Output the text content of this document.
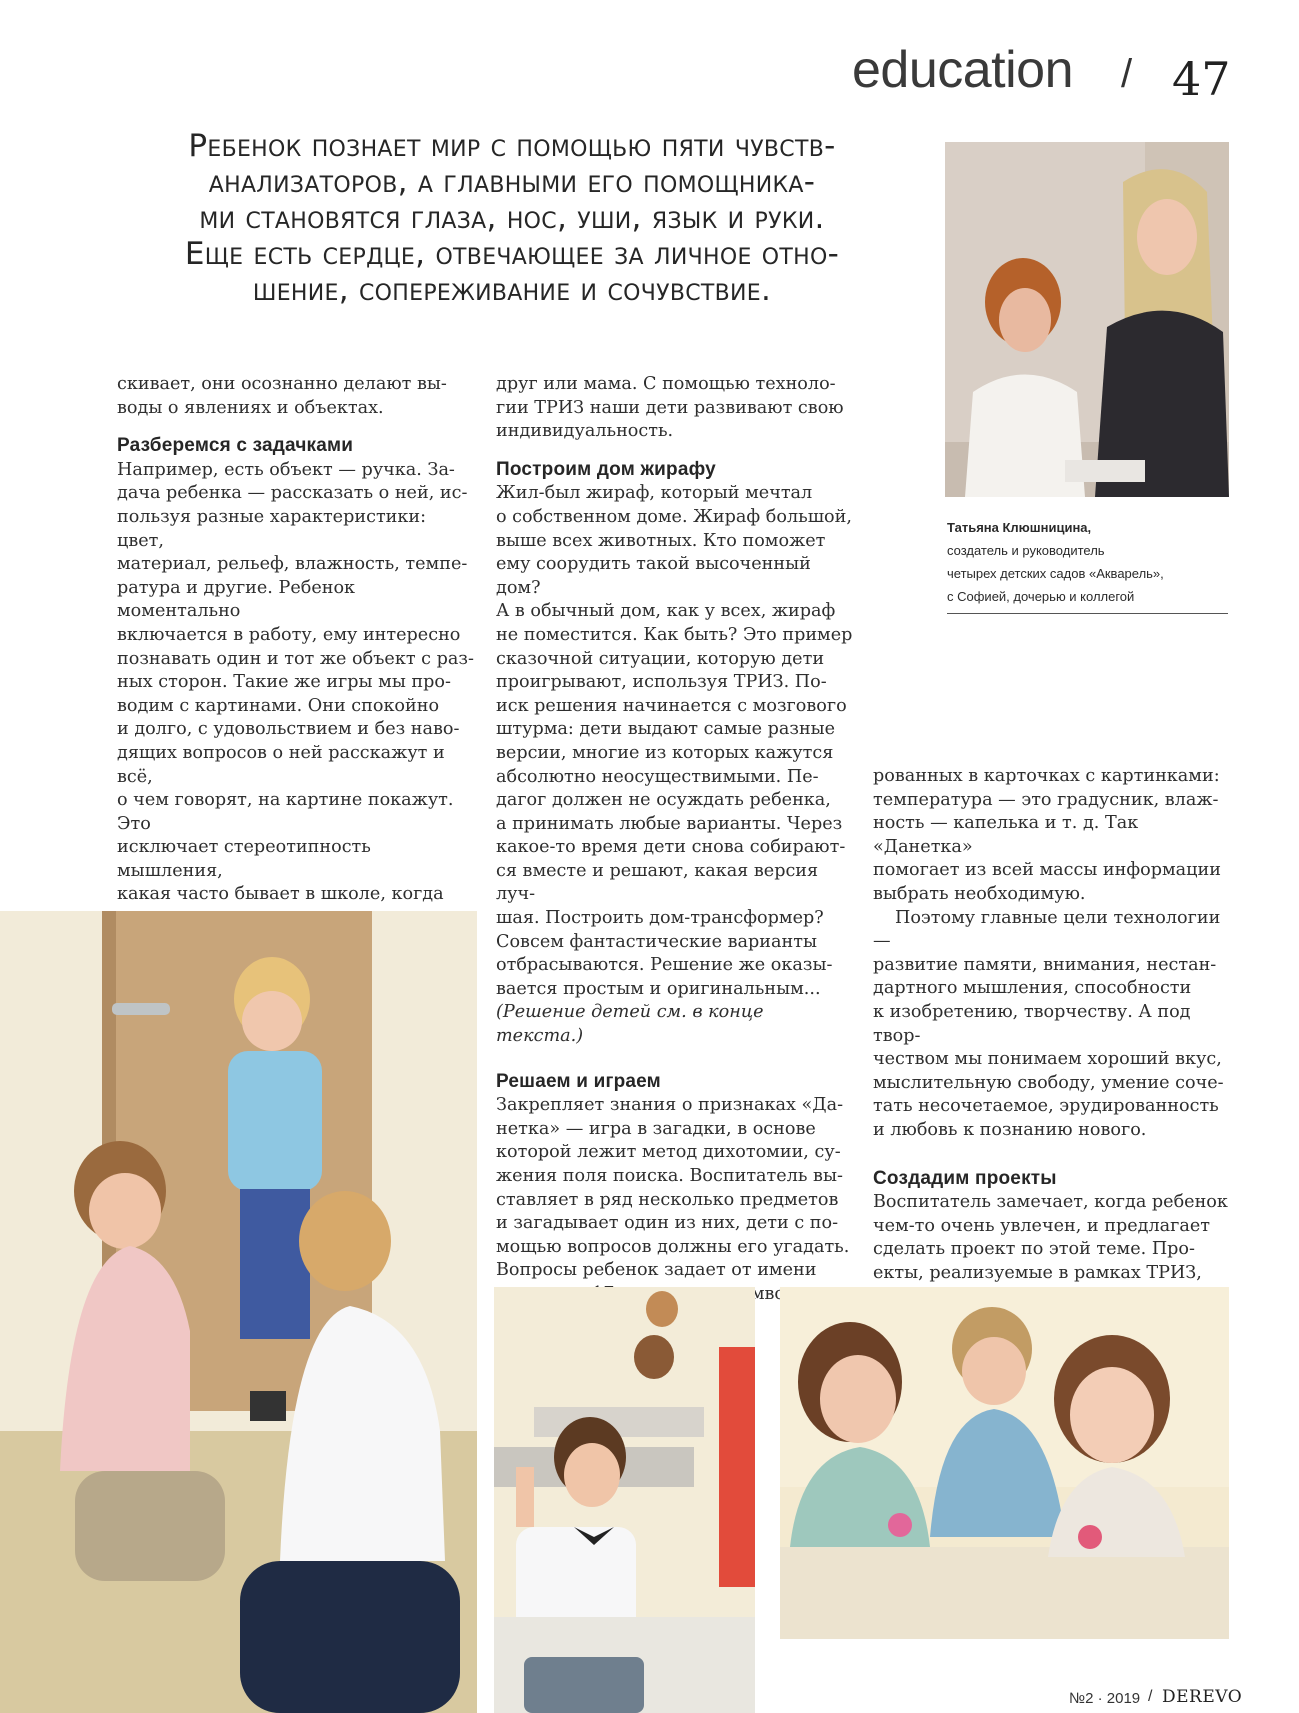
education / 47
Ребенок познает мир с помощью пяти чувств-
анализаторов, а главными его помощника-
ми становятся глаза, нос, уши, язык и руки.
Еще есть сердце, отвечающее за личное отно-
шение, сопереживание и сочувствие.
Татьяна Клюшницина,
создатель и руководитель
четырех детских садов «Акварель»,
с Софией, дочерью и коллегой

скивает, они осознанно делают вы-

воды о явлениях и объектах.

Разберемся с задачками

Например, есть объект — ручка. За-

дача ребенка — рассказать о ней, ис-

пользуя разные характеристики: цвет,

материал, рельеф, влажность, темпе-

ратура и другие. Ребенок моментально

включается в работу, ему интересно

познавать один и тот же объект с раз-

ных сторон. Такие же игры мы про-

водим с картинами. Они спокойно

и долго, с удовольствием и без наво-

дящих вопросов о ней расскажут и всё,

о чем говорят, на картине покажут. Это

исключает стереотипность мышления,

какая часто бывает в школе, когда

друг или мама. С помощью техноло-

гии ТРИЗ наши дети развивают свою

индивидуальность.

Построим дом жирафу

Жил-был жираф, который мечтал

о собственном доме. Жираф большой,

выше всех животных. Кто поможет

ему соорудить такой высоченный дом?

А в обычный дом, как у всех, жираф

не поместится. Как быть? Это пример

сказочной ситуации, которую дети

проигрывают, используя ТРИЗ. По-

иск решения начинается с мозгового

штурма: дети выдают самые разные

версии, многие из которых кажутся

абсолютно неосуществимыми. Пе-

дагог должен не осуждать ребенка,

а принимать любые варианты. Через

какое-то время дети снова собирают-

ся вместе и решают, какая версия луч-

шая. Построить дом-трансформер?

Совсем фантастические варианты

отбрасываются. Решение же оказы-

вается простым и оригинальным...

(Решение детей см. в конце текста.)

Решаем и играем

Закрепляет знания о признаках «Да-

нетка» — игра в загадки, в основе

которой лежит метод дихотомии, су-

жения поля поиска. Воспитатель вы-

ставляет в ряд несколько предметов

и загадывает один из них, дети с по-

мощью вопросов должны его угадать.

Вопросы ребенок задает от имени

рованных в карточках с картинками:

температура — это градусник, влаж-

ность — капелька и т. д. Так «Данетка»

помогает из всей массы информации

выбрать необходимую.

Поэтому главные цели технологии —

развитие памяти, внимания, нестан-

дартного мышления, способности

к изобретению, творчеству. А под твор-

чеством мы понимаем хороший вкус,

мыслительную свободу, умение сочe-

тать несочетаемое, эрудированность

и любовь к познанию нового.

Создадим проекты

Воспитатель замечает, когда ребенок

чем-то очень увлечен, и предлагает

сделать проект по этой теме. Про-

екты, реализуемые в рамках ТРИЗ,

№2 · 2019 / DEREVO
